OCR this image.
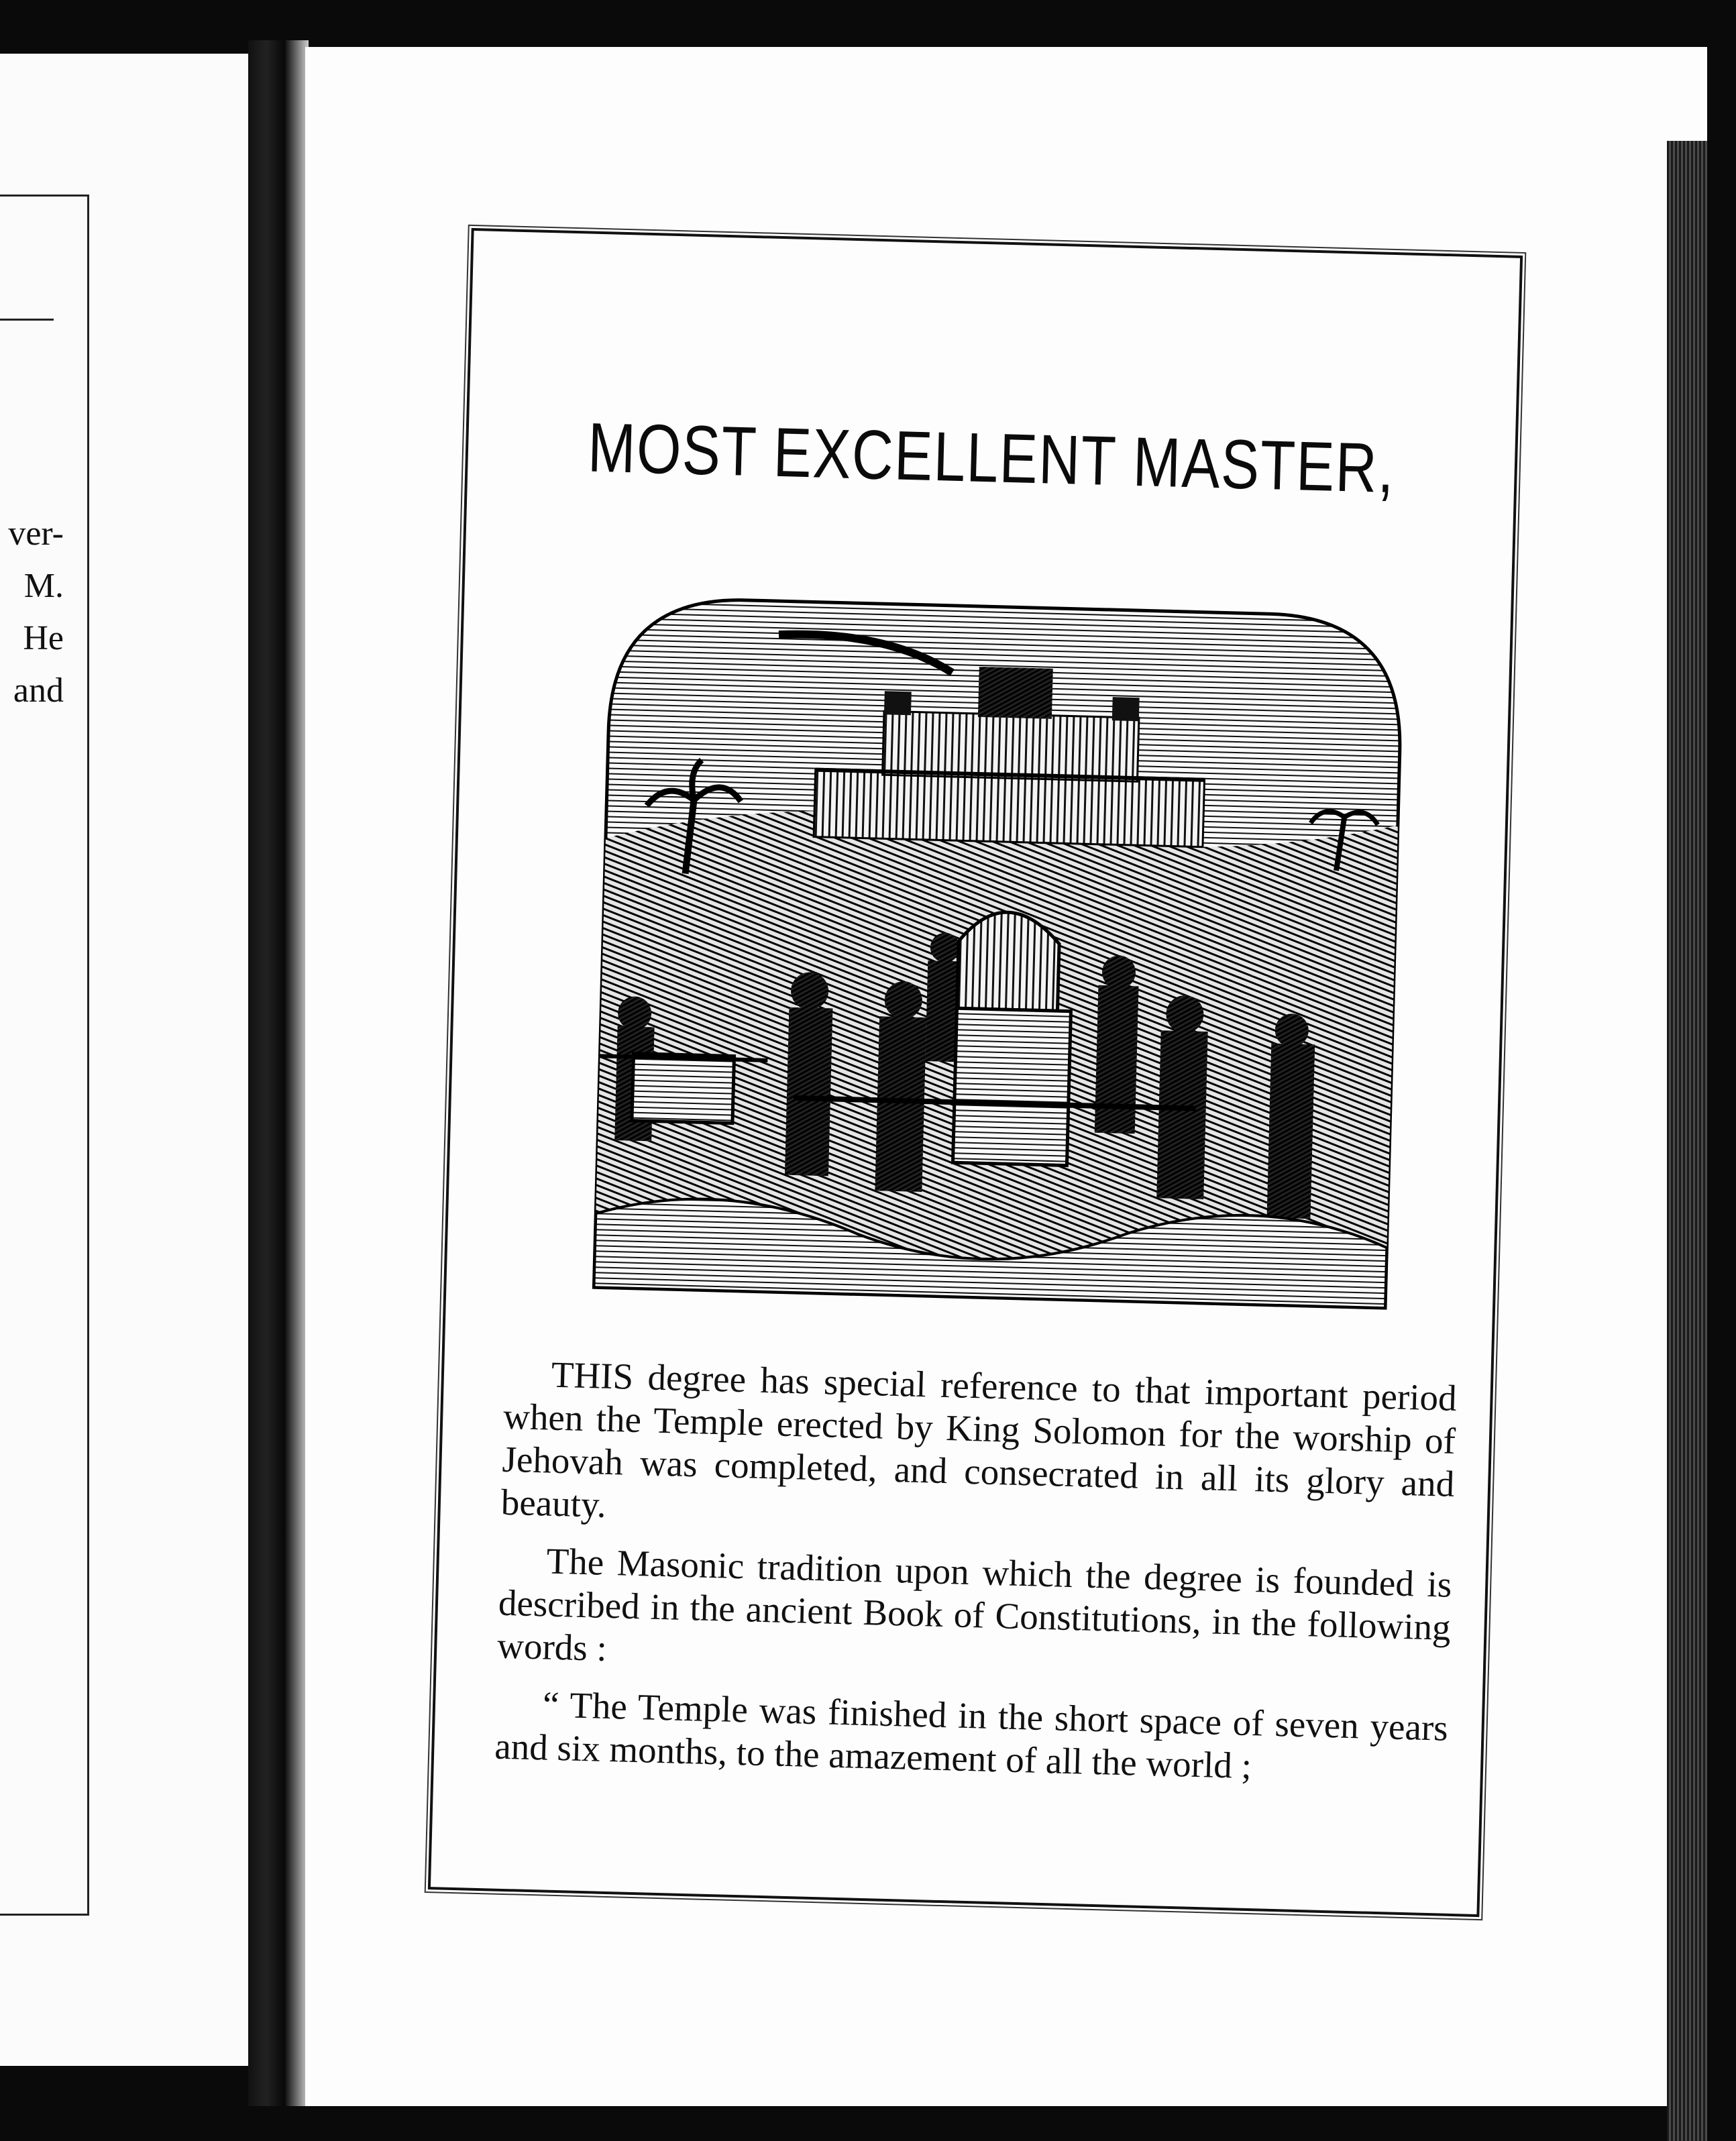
ver-
M.
He
and
MOST EXCELLENT MASTER,

THIS degree has special reference to that important period when the Temple erected by King Solomon for the worship of Jehovah was completed, and consecrated in all its glory and beauty.

The Masonic tradition upon which the degree is founded is described in the ancient Book of Constitutions, in the following words :

“ The Temple was finished in the short space of seven years and six months, to the amazement of all the world ;
